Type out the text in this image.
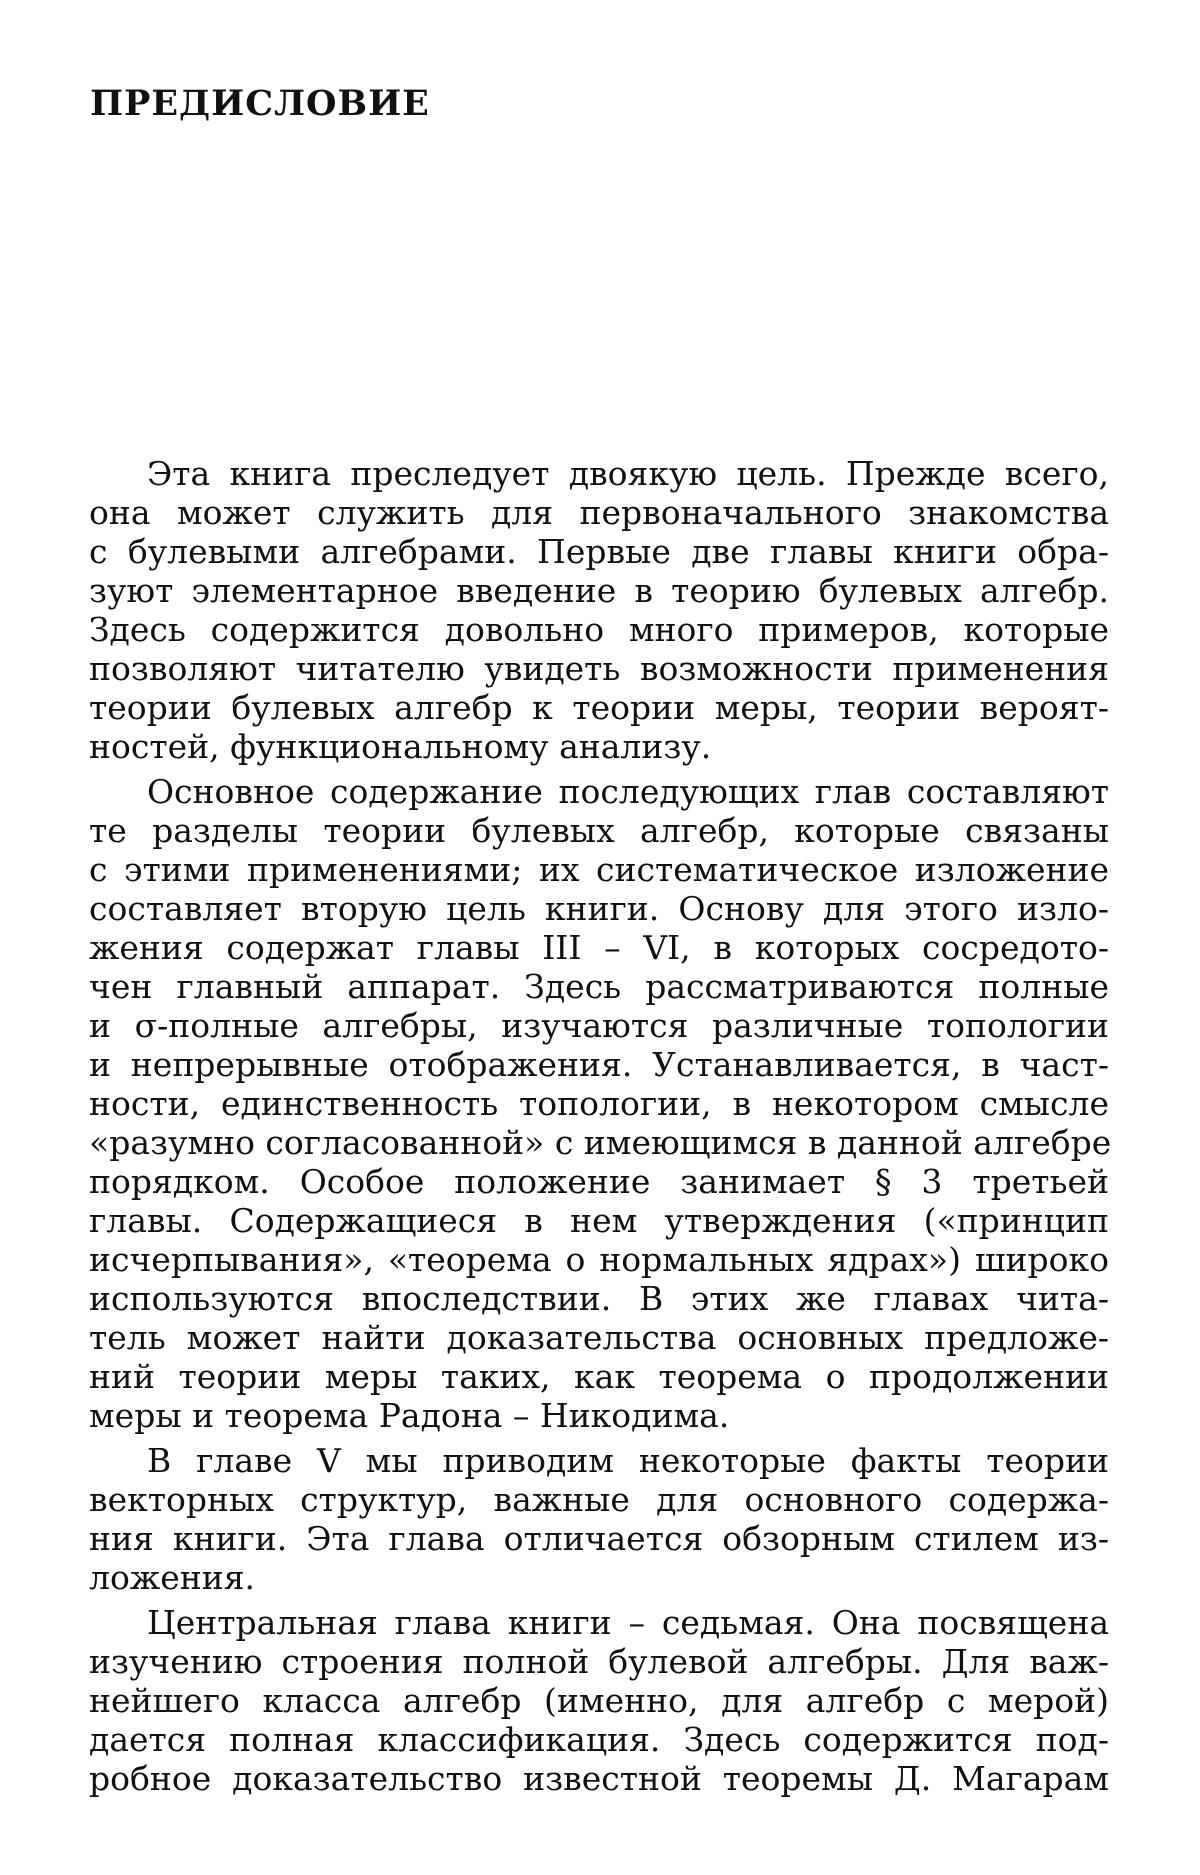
ПРЕДИСЛОВИЕ
Эта книга преследует двоякую цель. Прежде всего,
она может служить для первоначального знакомства
с булевыми алгебрами. Первые две главы книги обра-
зуют элементарное введение в теорию булевых алгебр.
Здесь содержится довольно много примеров, которые
позволяют читателю увидеть возможности применения
теории булевых алгебр к теории меры, теории вероят-
ностей, функциональному анализу.
Основное содержание последующих глав составляют
те разделы теории булевых алгебр, которые связаны
с этими применениями; их систематическое изложение
составляет вторую цель книги. Основу для этого изло-
жения содержат главы III – VI, в которых сосредото-
чен главный аппарат. Здесь рассматриваются полные
и σ-полные алгебры, изучаются различные топологии
и непрерывные отображения. Устанавливается, в част-
ности, единственность топологии, в некотором смысле
«разумно согласованной» с имеющимся в данной алгебре
порядком. Особое положение занимает § 3 третьей
главы. Содержащиеся в нем утверждения («принцип
исчерпывания», «теорема о нормальных ядрах») широко
используются впоследствии. В этих же главах чита-
тель может найти доказательства основных предложе-
ний теории меры таких, как теорема о продолжении
меры и теорема Радона – Никодима.
В главе V мы приводим некоторые факты теории
векторных структур, важные для основного содержа-
ния книги. Эта глава отличается обзорным стилем из-
ложения.
Центральная глава книги – седьмая. Она посвящена
изучению строения полной булевой алгебры. Для важ-
нейшего класса алгебр (именно, для алгебр с мерой)
дается полная классификация. Здесь содержится под-
робное доказательство известной теоремы Д. Магарам
